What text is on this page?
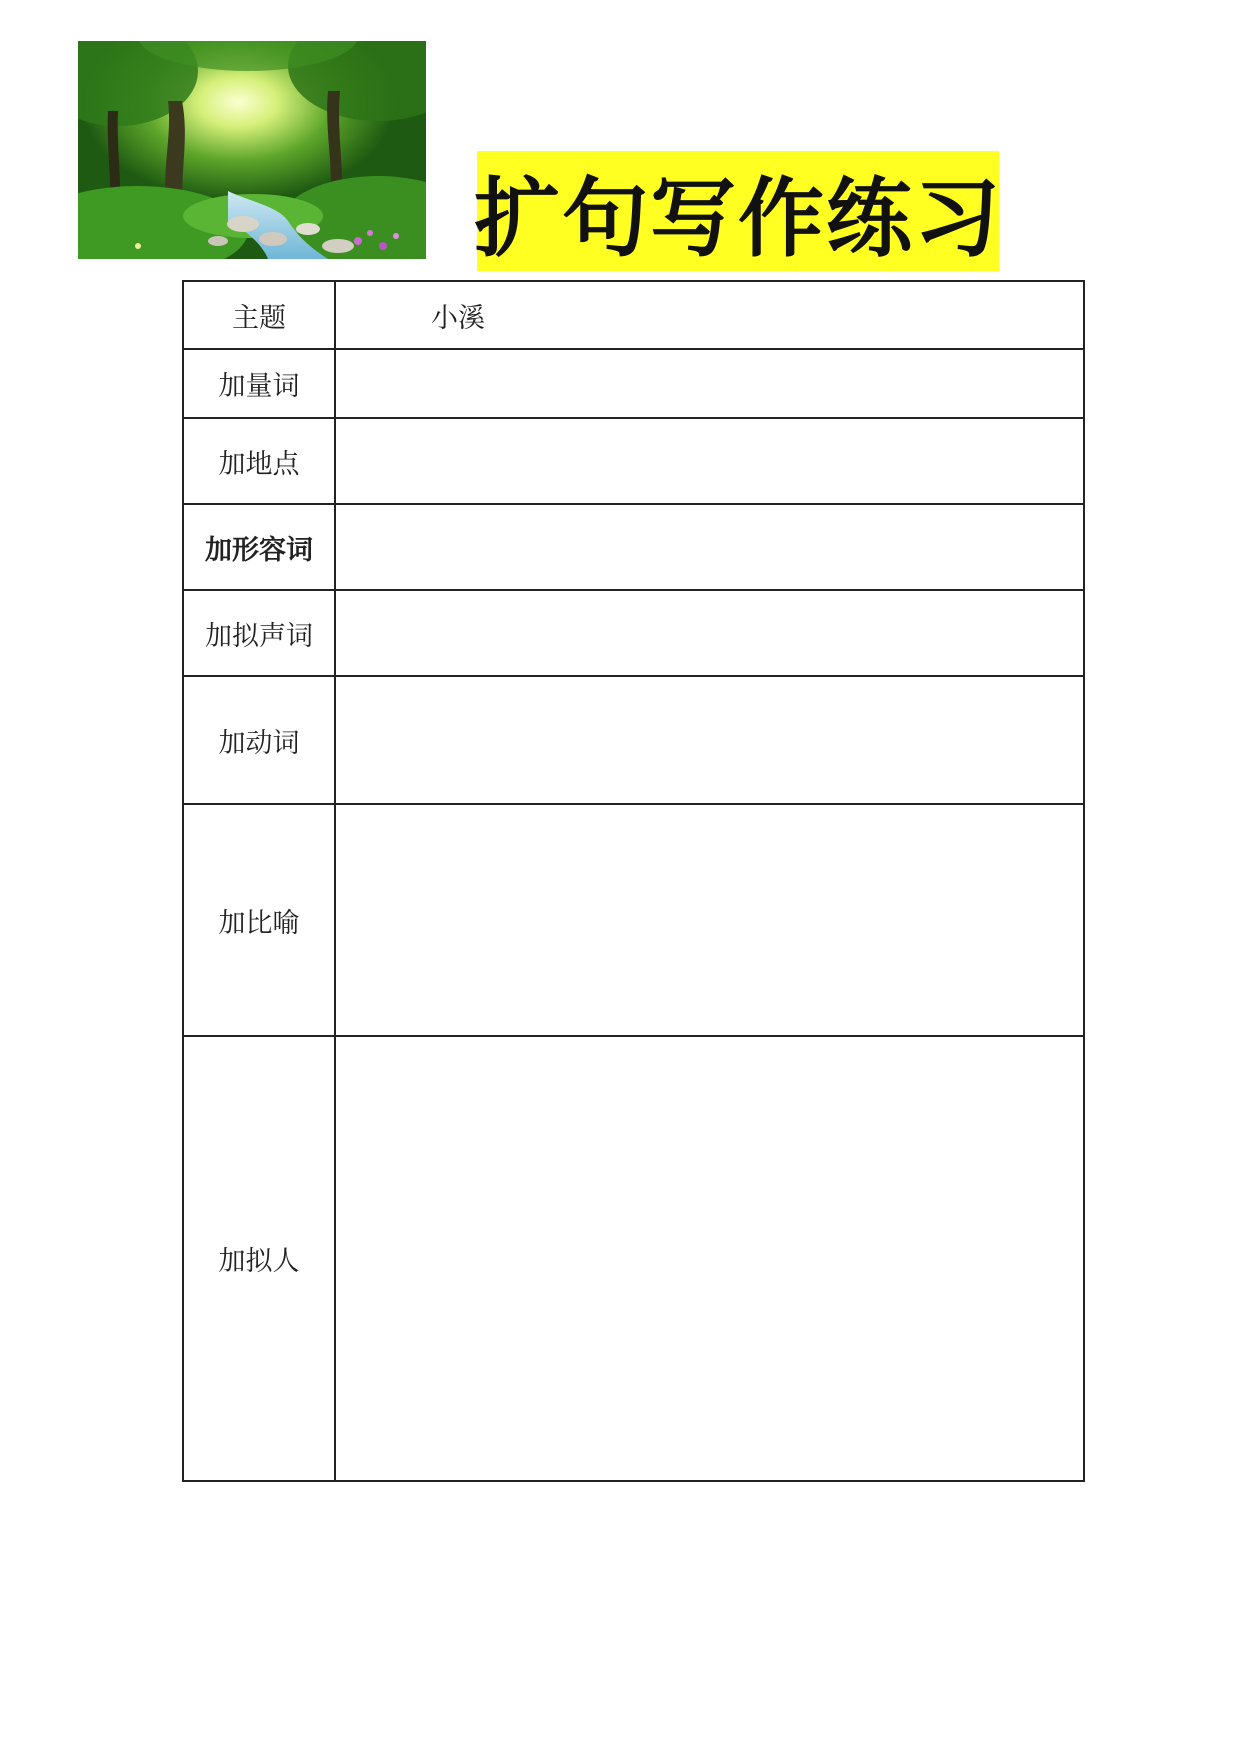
扩句写作练习
主题	小溪
加量词	
加地点	
加形容词	
加拟声词	
加动词	
加比喻	
加拟人	
